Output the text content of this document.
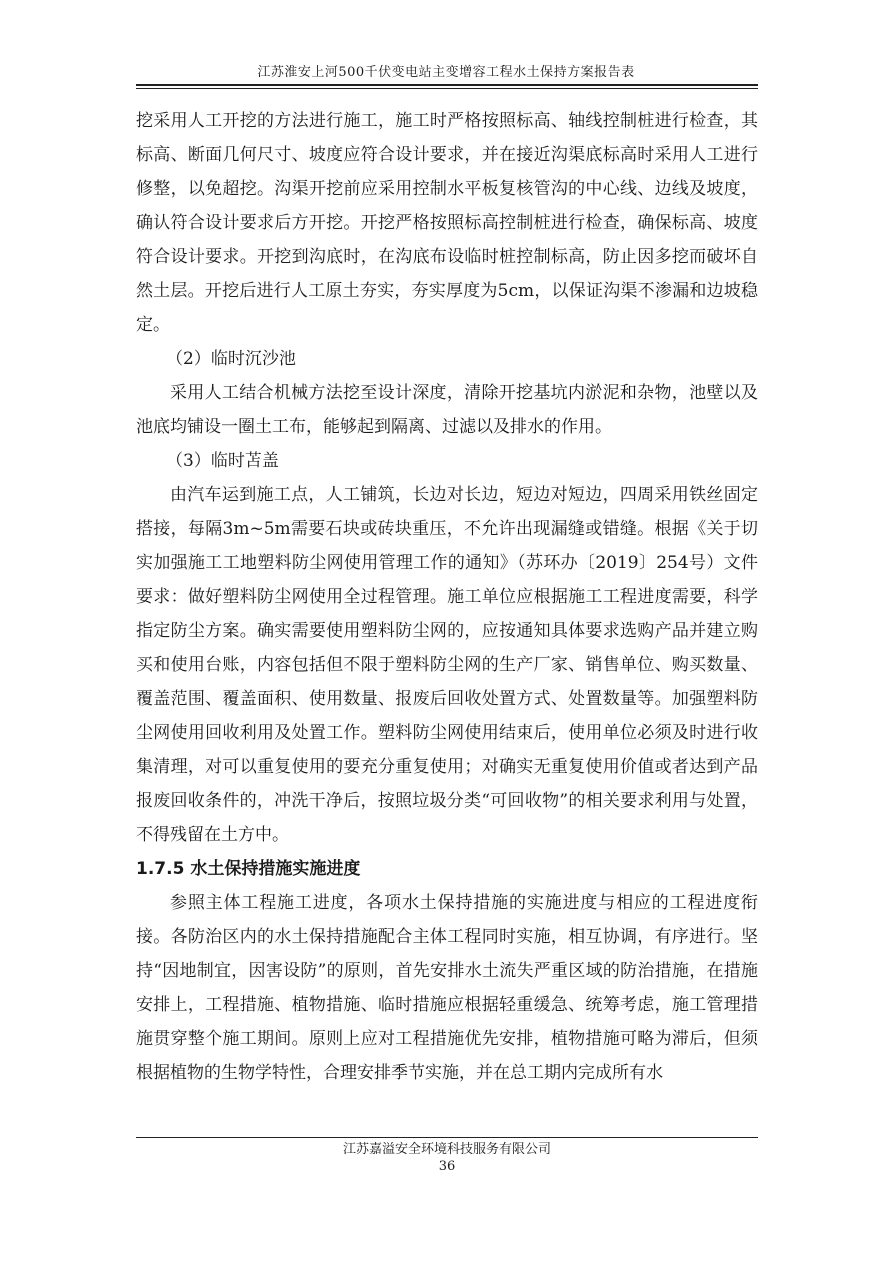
江苏淮安上河500千伏变电站主变增容工程水土保持方案报告表

挖采用人工开挖的方法进行施工，施工时严格按照标高、轴线控制桩进行检查，其标高、断面几何尺寸、坡度应符合设计要求，并在接近沟渠底标高时采用人工进行修整，以免超挖。沟渠开挖前应采用控制水平板复核管沟的中心线、边线及坡度，确认符合设计要求后方开挖。开挖严格按照标高控制桩进行检查，确保标高、坡度符合设计要求。开挖到沟底时，在沟底布设临时桩控制标高，防止因多挖而破坏自然土层。开挖后进行人工原土夯实，夯实厚度为5cm，以保证沟渠不渗漏和边坡稳定。

（2）临时沉沙池

采用人工结合机械方法挖至设计深度，清除开挖基坑内淤泥和杂物，池壁以及池底均铺设一圈土工布，能够起到隔离、过滤以及排水的作用。

（3）临时苫盖

由汽车运到施工点，人工铺筑，长边对长边，短边对短边，四周采用铁丝固定搭接，每隔3m~5m需要石块或砖块重压，不允许出现漏缝或错缝。根据《关于切实加强施工工地塑料防尘网使用管理工作的通知》（苏环办〔2019〕254号）文件要求：做好塑料防尘网使用全过程管理。施工单位应根据施工工程进度需要，科学指定防尘方案。确实需要使用塑料防尘网的，应按通知具体要求选购产品并建立购买和使用台账，内容包括但不限于塑料防尘网的生产厂家、销售单位、购买数量、覆盖范围、覆盖面积、使用数量、报废后回收处置方式、处置数量等。加强塑料防尘网使用回收利用及处置工作。塑料防尘网使用结束后，使用单位必须及时进行收集清理，对可以重复使用的要充分重复使用；对确实无重复使用价值或者达到产品报废回收条件的，冲洗干净后，按照垃圾分类“可回收物”的相关要求利用与处置，不得残留在土方中。

1.7.5 水土保持措施实施进度

参照主体工程施工进度，各项水土保持措施的实施进度与相应的工程进度衔接。各防治区内的水土保持措施配合主体工程同时实施，相互协调，有序进行。坚持“因地制宜，因害设防”的原则，首先安排水土流失严重区域的防治措施，在措施安排上，工程措施、植物措施、临时措施应根据轻重缓急、统筹考虑，施工管理措施贯穿整个施工期间。原则上应对工程措施优先安排，植物措施可略为滞后，但须根据植物的生物学特性，合理安排季节实施，并在总工期内完成所有水

江苏嘉溢安全环境科技服务有限公司
36
